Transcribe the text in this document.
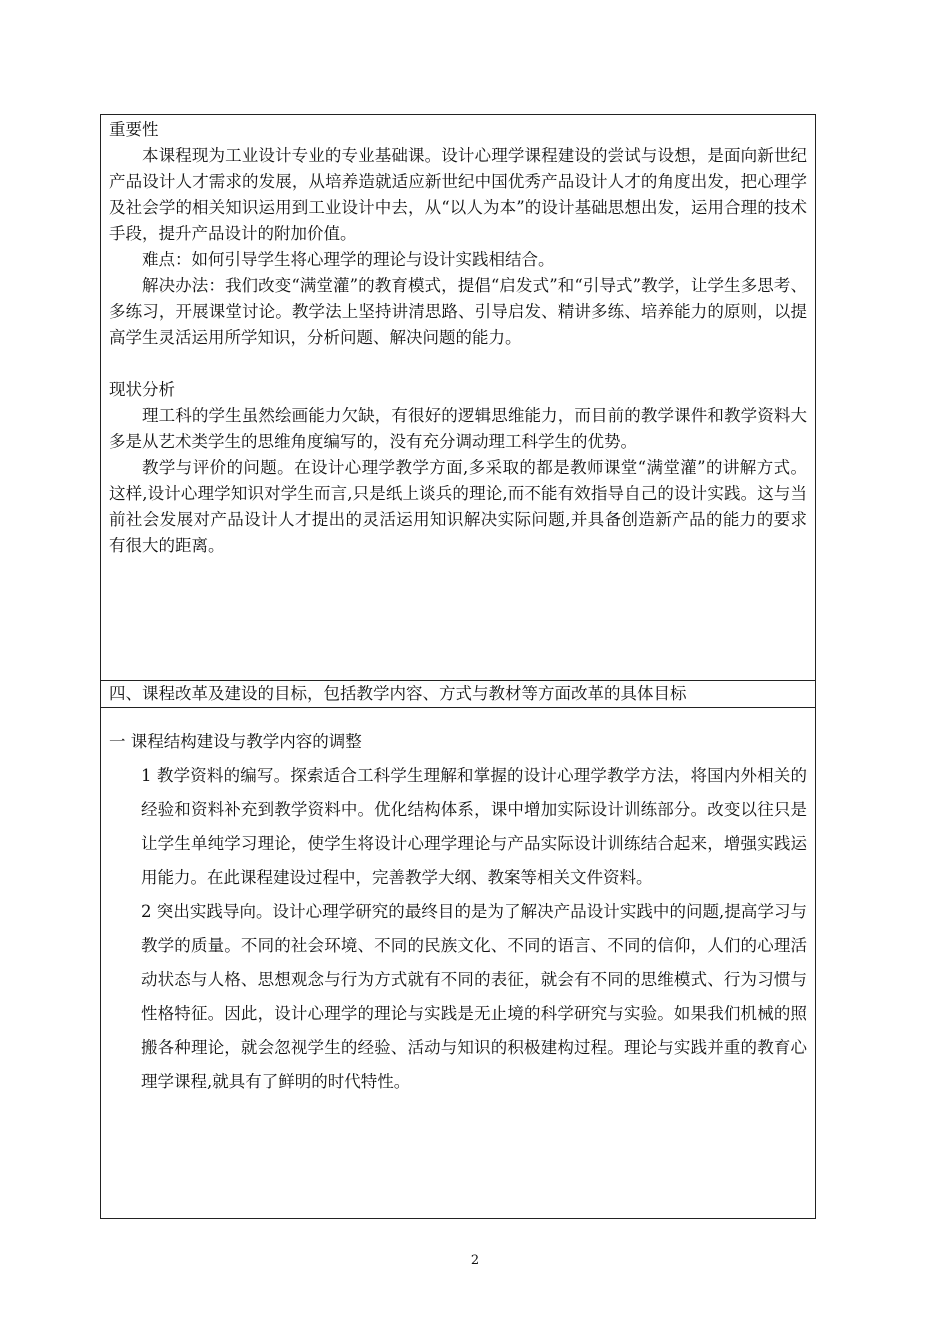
重要性

本课程现为工业设计专业的专业基础课。设计心理学课程建设的尝试与设想，是面向新世纪产品设计人才需求的发展，从培养造就适应新世纪中国优秀产品设计人才的角度出发，把心理学及社会学的相关知识运用到工业设计中去，从“以人为本”的设计基础思想出发，运用合理的技术手段，提升产品设计的附加价值。

难点：如何引导学生将心理学的理论与设计实践相结合。

解决办法：我们改变“满堂灌”的教育模式，提倡“启发式”和“引导式”教学，让学生多思考、多练习，开展课堂讨论。教学法上坚持讲清思路、引导启发、精讲多练、培养能力的原则，以提高学生灵活运用所学知识，分析问题、解决问题的能力。

现状分析

理工科的学生虽然绘画能力欠缺，有很好的逻辑思维能力，而目前的教学课件和教学资料大多是从艺术类学生的思维角度编写的，没有充分调动理工科学生的优势。

教学与评价的问题。在设计心理学教学方面,多采取的都是教师课堂“满堂灌”的讲解方式。这样,设计心理学知识对学生而言,只是纸上谈兵的理论,而不能有效指导自己的设计实践。这与当前社会发展对产品设计人才提出的灵活运用知识解决实际问题,并具备创造新产品的能力的要求有很大的距离。

四、课程改革及建设的目标，包括教学内容、方式与教材等方面改革的具体目标

一 课程结构建设与教学内容的调整

1 教学资料的编写。探索适合工科学生理解和掌握的设计心理学教学方法，将国内外相关的经验和资料补充到教学资料中。优化结构体系，课中增加实际设计训练部分。改变以往只是让学生单纯学习理论，使学生将设计心理学理论与产品实际设计训练结合起来，增强实践运用能力。在此课程建设过程中，完善教学大纲、教案等相关文件资料。

2 突出实践导向。设计心理学研究的最终目的是为了解决产品设计实践中的问题,提高学习与教学的质量。不同的社会环境、不同的民族文化、不同的语言、不同的信仰，人们的心理活动状态与人格、思想观念与行为方式就有不同的表征，就会有不同的思维模式、行为习惯与性格特征。因此，设计心理学的理论与实践是无止境的科学研究与实验。如果我们机械的照搬各种理论，就会忽视学生的经验、活动与知识的积极建构过程。理论与实践并重的教育心理学课程,就具有了鲜明的时代特性。

2
